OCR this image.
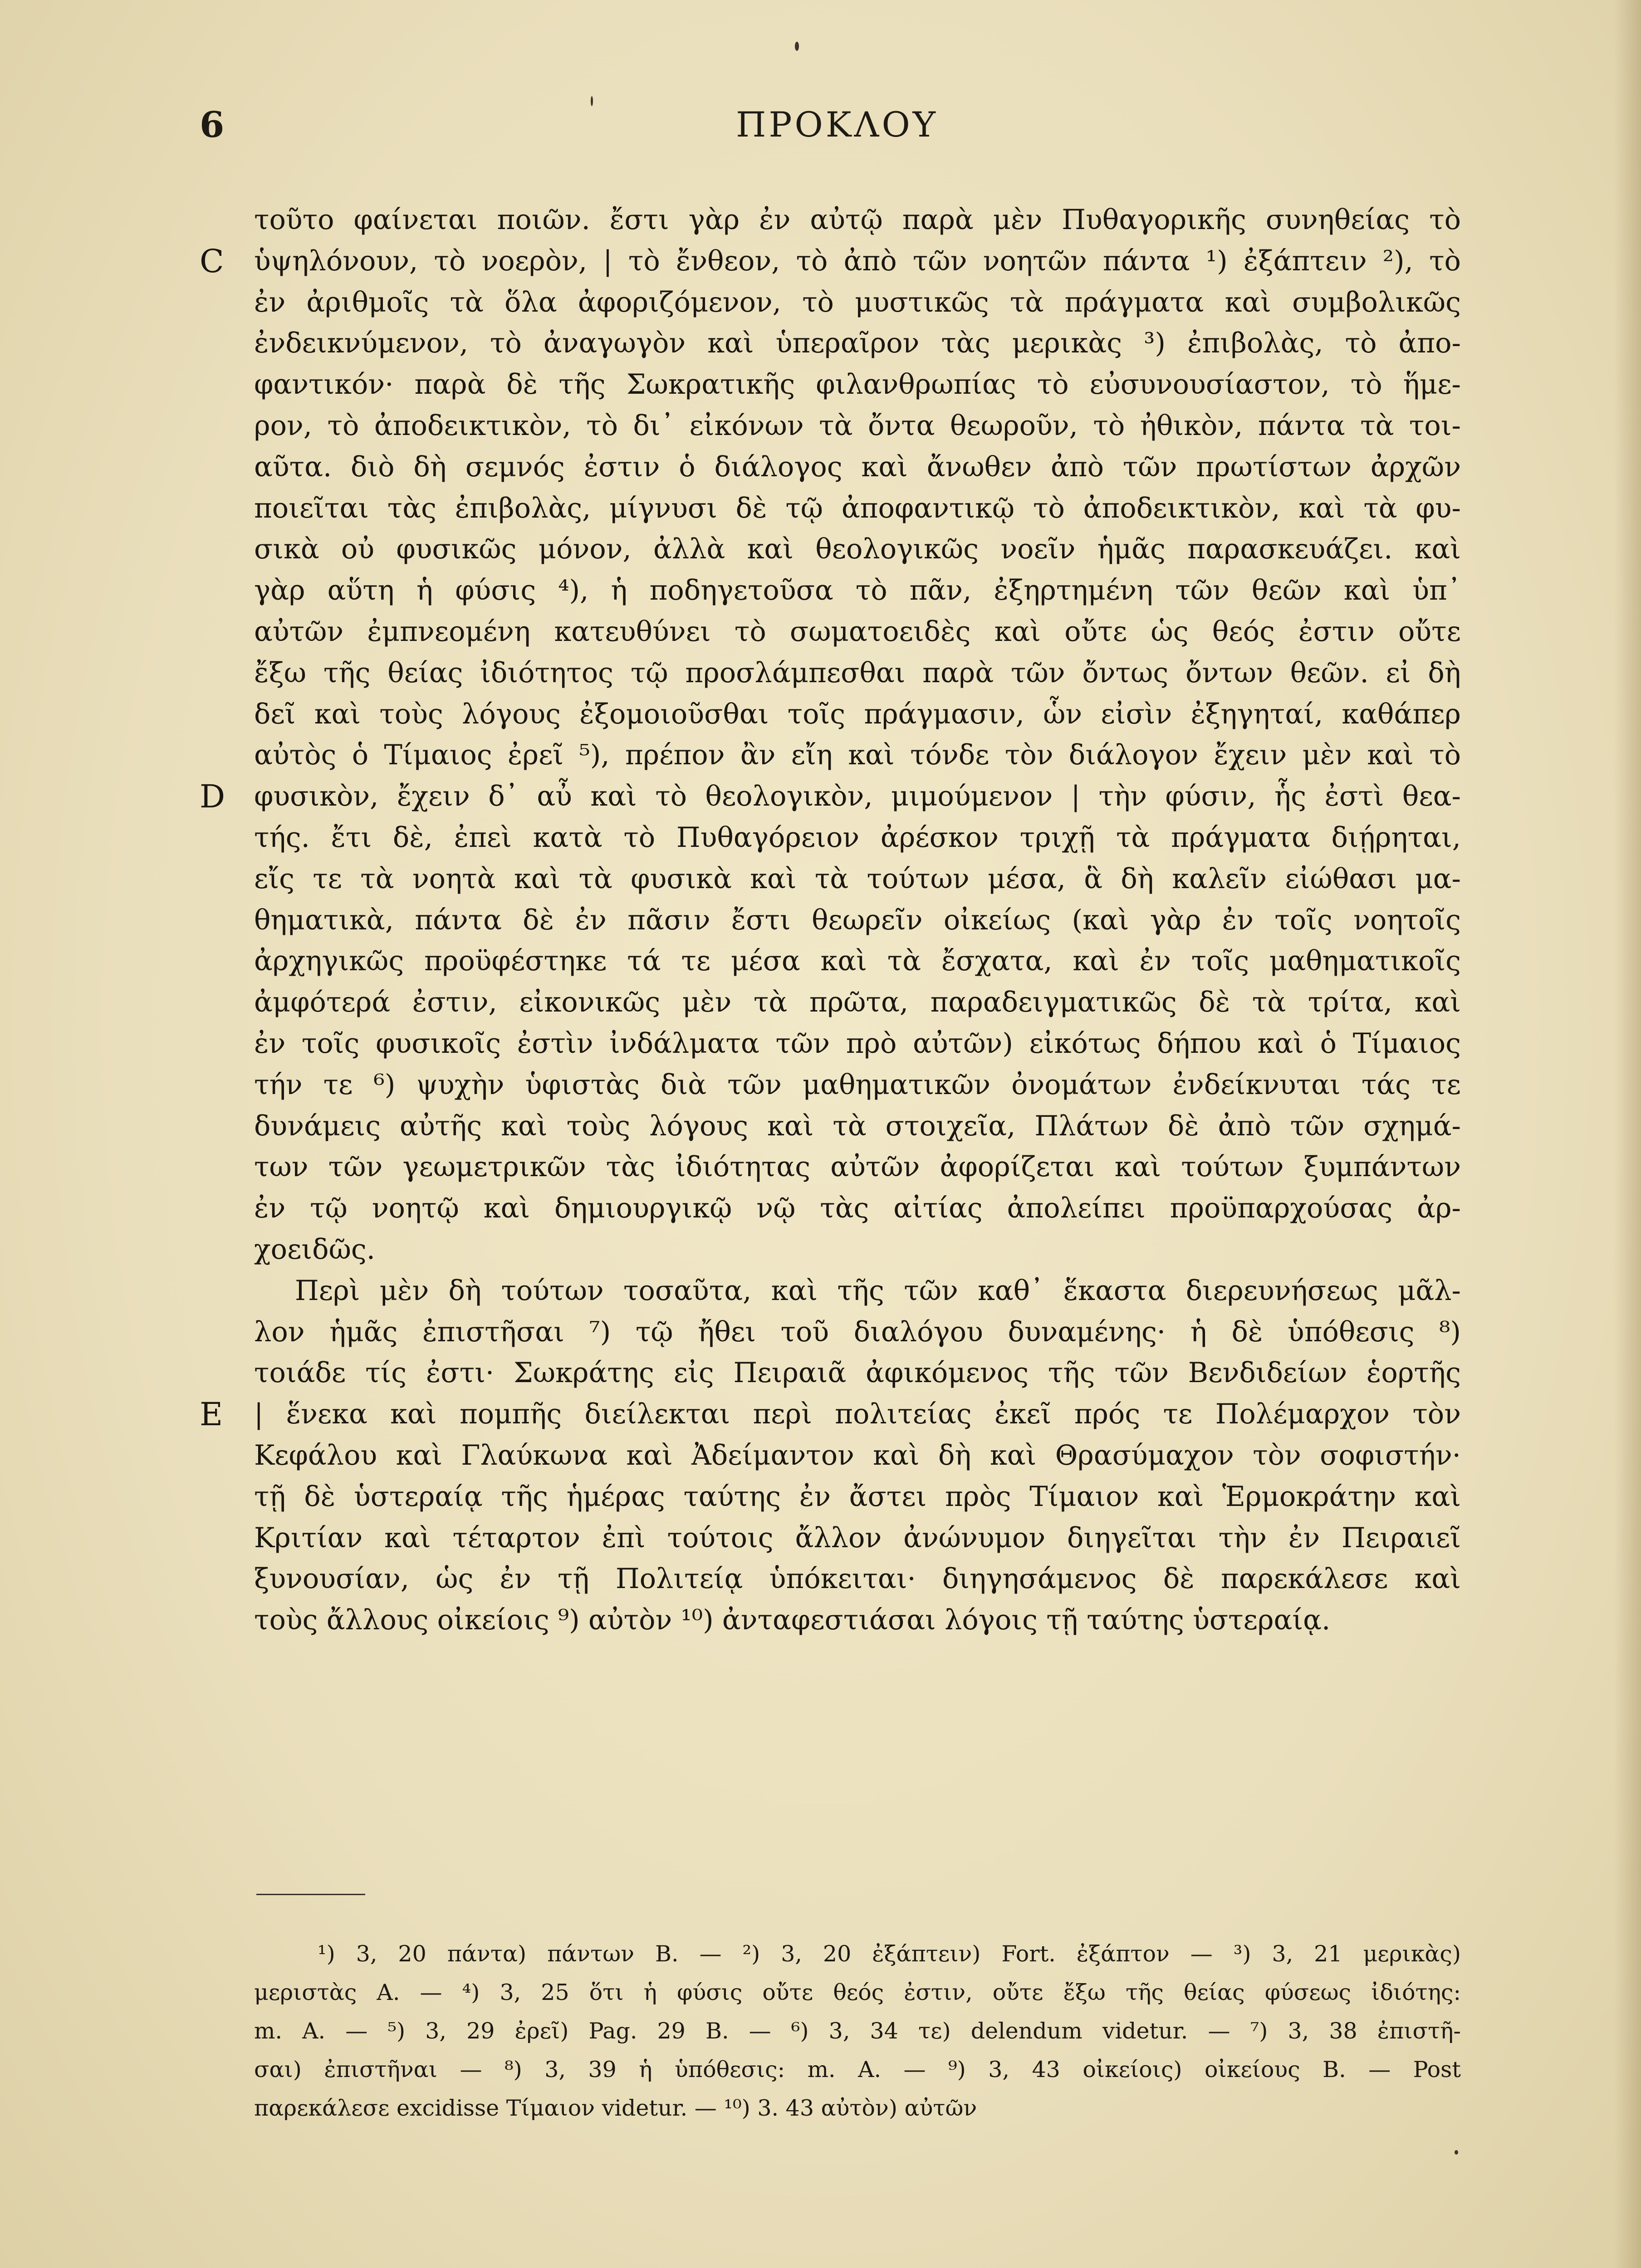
6	ΠΡΟΚΛΟΥ
τοῦτο φαίνεται ποιῶν. ἔστι γὰρ ἐν αὐτῷ παρὰ μὲν Πυθαγορικῆς συνηθείας τὸ
C ὑψηλόνουν, τὸ νοερὸν, | τὸ ἔνθεον, τὸ ἀπὸ τῶν νοητῶν πάντα ¹) ἐξάπτειν ²), τὸ
ἐν ἀριθμοῖς τὰ ὅλα ἀφοριζόμενον, τὸ μυστικῶς τὰ πράγματα καὶ συμβολικῶς
ἐνδεικνύμενον, τὸ ἀναγωγὸν καὶ ὑπεραῖρον τὰς μερικὰς ³) ἐπιβολὰς, τὸ ἀπο-
φαντικόν· παρὰ δὲ τῆς Σωκρατικῆς φιλανθρωπίας τὸ εὐσυνουσίαστον, τὸ ἥμε-
ρον, τὸ ἀποδεικτικὸν, τὸ δι᾽ εἰκόνων τὰ ὄντα θεωροῦν, τὸ ἠθικὸν, πάντα τὰ τοι-
αῦτα. διὸ δὴ σεμνός ἐστιν ὁ διάλογος καὶ ἄνωθεν ἀπὸ τῶν πρωτίστων ἀρχῶν
ποιεῖται τὰς ἐπιβολὰς, μίγνυσι δὲ τῷ ἀποφαντικῷ τὸ ἀποδεικτικὸν, καὶ τὰ φυ-
σικὰ οὐ φυσικῶς μόνον, ἀλλὰ καὶ θεολογικῶς νοεῖν ἡμᾶς παρασκευάζει. καὶ
γὰρ αὕτη ἡ φύσις ⁴), ἡ ποδηγετοῦσα τὸ πᾶν, ἐξηρτημένη τῶν θεῶν καὶ ὑπ᾽
αὐτῶν ἐμπνεομένη κατευθύνει τὸ σωματοειδὲς καὶ οὔτε ὡς θεός ἐστιν οὔτε
ἔξω τῆς θείας ἰδιότητος τῷ προσλάμπεσθαι παρὰ τῶν ὄντως ὄντων θεῶν. εἰ δὴ
δεῖ καὶ τοὺς λόγους ἐξομοιοῦσθαι τοῖς πράγμασιν, ὧν εἰσὶν ἐξηγηταί, καθάπερ
αὐτὸς ὁ Τίμαιος ἐρεῖ ⁵), πρέπον ἂν εἴη καὶ τόνδε τὸν διάλογον ἔχειν μὲν καὶ τὸ
D φυσικὸν, ἔχειν δ᾽ αὖ καὶ τὸ θεολογικὸν, μιμούμενον | τὴν φύσιν, ἧς ἐστὶ θεα-
τής. ἔτι δὲ, ἐπεὶ κατὰ τὸ Πυθαγόρειον ἀρέσκον τριχῇ τὰ πράγματα διῄρηται,
εἴς τε τὰ νοητὰ καὶ τὰ φυσικὰ καὶ τὰ τούτων μέσα, ἃ δὴ καλεῖν εἰώθασι μα-
θηματικὰ, πάντα δὲ ἐν πᾶσιν ἔστι θεωρεῖν οἰκείως (καὶ γὰρ ἐν τοῖς νοητοῖς
ἀρχηγικῶς προϋφέστηκε τά τε μέσα καὶ τὰ ἔσχατα, καὶ ἐν τοῖς μαθηματικοῖς
ἀμφότερά ἐστιν, εἰκονικῶς μὲν τὰ πρῶτα, παραδειγματικῶς δὲ τὰ τρίτα, καὶ
ἐν τοῖς φυσικοῖς ἐστὶν ἰνδάλματα τῶν πρὸ αὐτῶν) εἰκότως δήπου καὶ ὁ Τίμαιος
τήν τε ⁶) ψυχὴν ὑφιστὰς διὰ τῶν μαθηματικῶν ὀνομάτων ἐνδείκνυται τάς τε
δυνάμεις αὐτῆς καὶ τοὺς λόγους καὶ τὰ στοιχεῖα, Πλάτων δὲ ἀπὸ τῶν σχημά-
των τῶν γεωμετρικῶν τὰς ἰδιότητας αὐτῶν ἀφορίζεται καὶ τούτων ξυμπάντων
ἐν τῷ νοητῷ καὶ δημιουργικῷ νῷ τὰς αἰτίας ἀπολείπει προϋπαρχούσας ἀρ-
χοειδῶς.
Περὶ μὲν δὴ τούτων τοσαῦτα, καὶ τῆς τῶν καθ᾽ ἕκαστα διερευνήσεως μᾶλ-
λον ἡμᾶς ἐπιστῆσαι ⁷) τῷ ἤθει τοῦ διαλόγου δυναμένης· ἡ δὲ ὑπόθεσις ⁸)
τοιάδε τίς ἐστι· Σωκράτης εἰς Πειραιᾶ ἀφικόμενος τῆς τῶν Βενδιδείων ἑορτῆς
E | ἕνεκα καὶ πομπῆς διείλεκται περὶ πολιτείας ἐκεῖ πρός τε Πολέμαρχον τὸν
Κεφάλου καὶ Γλαύκωνα καὶ Ἀδείμαντον καὶ δὴ καὶ Θρασύμαχον τὸν σοφιστήν·
τῇ δὲ ὑστεραίᾳ τῆς ἡμέρας ταύτης ἐν ἄστει πρὸς Τίμαιον καὶ Ἑρμοκράτην καὶ
Κριτίαν καὶ τέταρτον ἐπὶ τούτοις ἄλλον ἀνώνυμον διηγεῖται τὴν ἐν Πειραιεῖ
ξυνουσίαν, ὡς ἐν τῇ Πολιτείᾳ ὑπόκειται· διηγησάμενος δὲ παρεκάλεσε καὶ
τοὺς ἄλλους οἰκείοις ⁹) αὐτὸν ¹⁰) ἀνταφεστιάσαι λόγοις τῇ ταύτης ὑστεραίᾳ.
¹) 3, 20 πάντα) πάντων B. — ²) 3, 20 ἐξάπτειν) Fort. ἐξάπτον — ³) 3, 21 μερικὰς)
μεριστὰς A. — ⁴) 3, 25 ὅτι ἡ φύσις οὔτε θεός ἐστιν, οὔτε ἔξω τῆς θείας φύσεως ἰδιότης:
m. A. — ⁵) 3, 29 ἐρεῖ) Pag. 29 B. — ⁶) 3, 34 τε) delendum videtur. — ⁷) 3, 38 ἐπιστῆ-
σαι) ἐπιστῆναι — ⁸) 3, 39 ἡ ὑπόθεσις: m. A. — ⁹) 3, 43 οἰκείοις) οἰκείους B. — Post
παρεκάλεσε excidisse Τίμαιον videtur. — ¹⁰) 3. 43 αὐτὸν) αὐτῶν
